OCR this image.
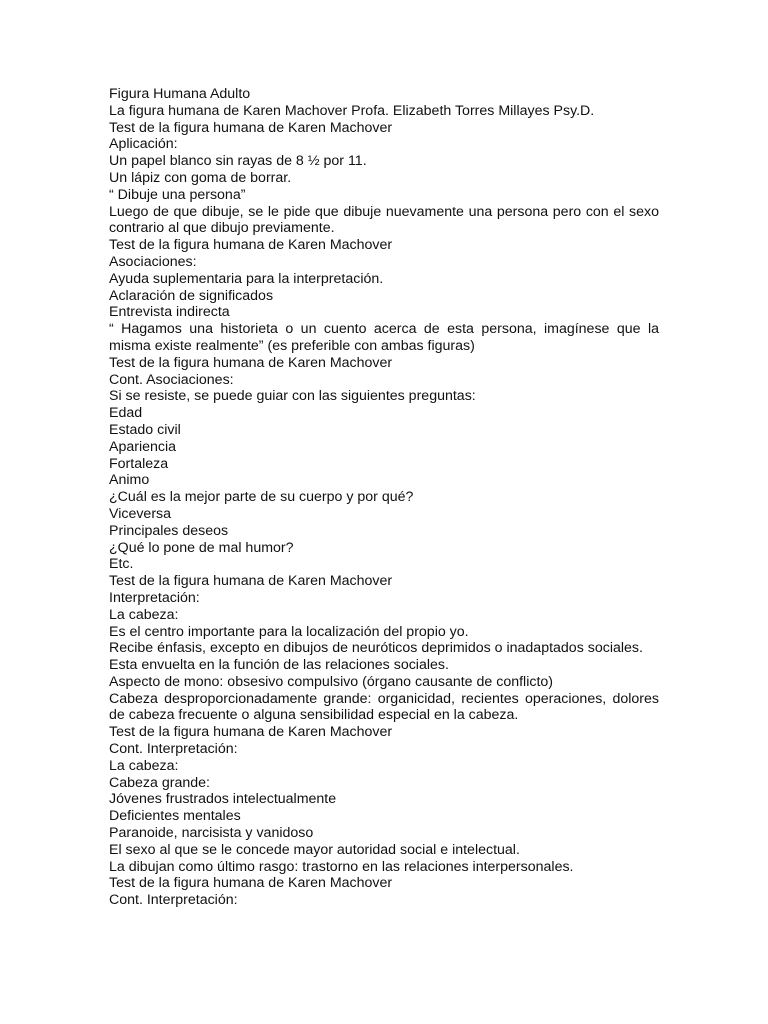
Figura Humana Adulto

La figura humana de Karen Machover Profa. Elizabeth Torres Millayes Psy.D.

Test de la figura humana de Karen Machover

Aplicación:

Un papel blanco sin rayas de 8 ½ por 11.

Un lápiz con goma de borrar.

“ Dibuje una persona”

Luego de que dibuje, se le pide que dibuje nuevamente una persona pero con el sexo contrario al que dibujo previamente.

Test de la figura humana de Karen Machover

Asociaciones:

Ayuda suplementaria para la interpretación.

Aclaración de significados

Entrevista indirecta

“ Hagamos una historieta o un cuento acerca de esta persona, imagínese que la misma existe realmente” (es preferible con ambas figuras)

Test de la figura humana de Karen Machover

Cont. Asociaciones:

Si se resiste, se puede guiar con las siguientes preguntas:

Edad

Estado civil

Apariencia

Fortaleza

Animo

¿Cuál es la mejor parte de su cuerpo y por qué?

Viceversa

Principales deseos

¿Qué lo pone de mal humor?

Etc.

Test de la figura humana de Karen Machover

Interpretación:

La cabeza:

Es el centro importante para la localización del propio yo.

Recibe énfasis, excepto en dibujos de neuróticos deprimidos o inadaptados sociales.

Esta envuelta en la función de las relaciones sociales.

Aspecto de mono: obsesivo compulsivo (órgano causante de conflicto)

Cabeza desproporcionadamente grande: organicidad, recientes operaciones, dolores de cabeza frecuente o alguna sensibilidad especial en la cabeza.

Test de la figura humana de Karen Machover

Cont. Interpretación:

La cabeza:

Cabeza grande:

Jóvenes frustrados intelectualmente

Deficientes mentales

Paranoide, narcisista y vanidoso

El sexo al que se le concede mayor autoridad social e intelectual.

La dibujan como último rasgo: trastorno en las relaciones interpersonales.

Test de la figura humana de Karen Machover

Cont. Interpretación:
